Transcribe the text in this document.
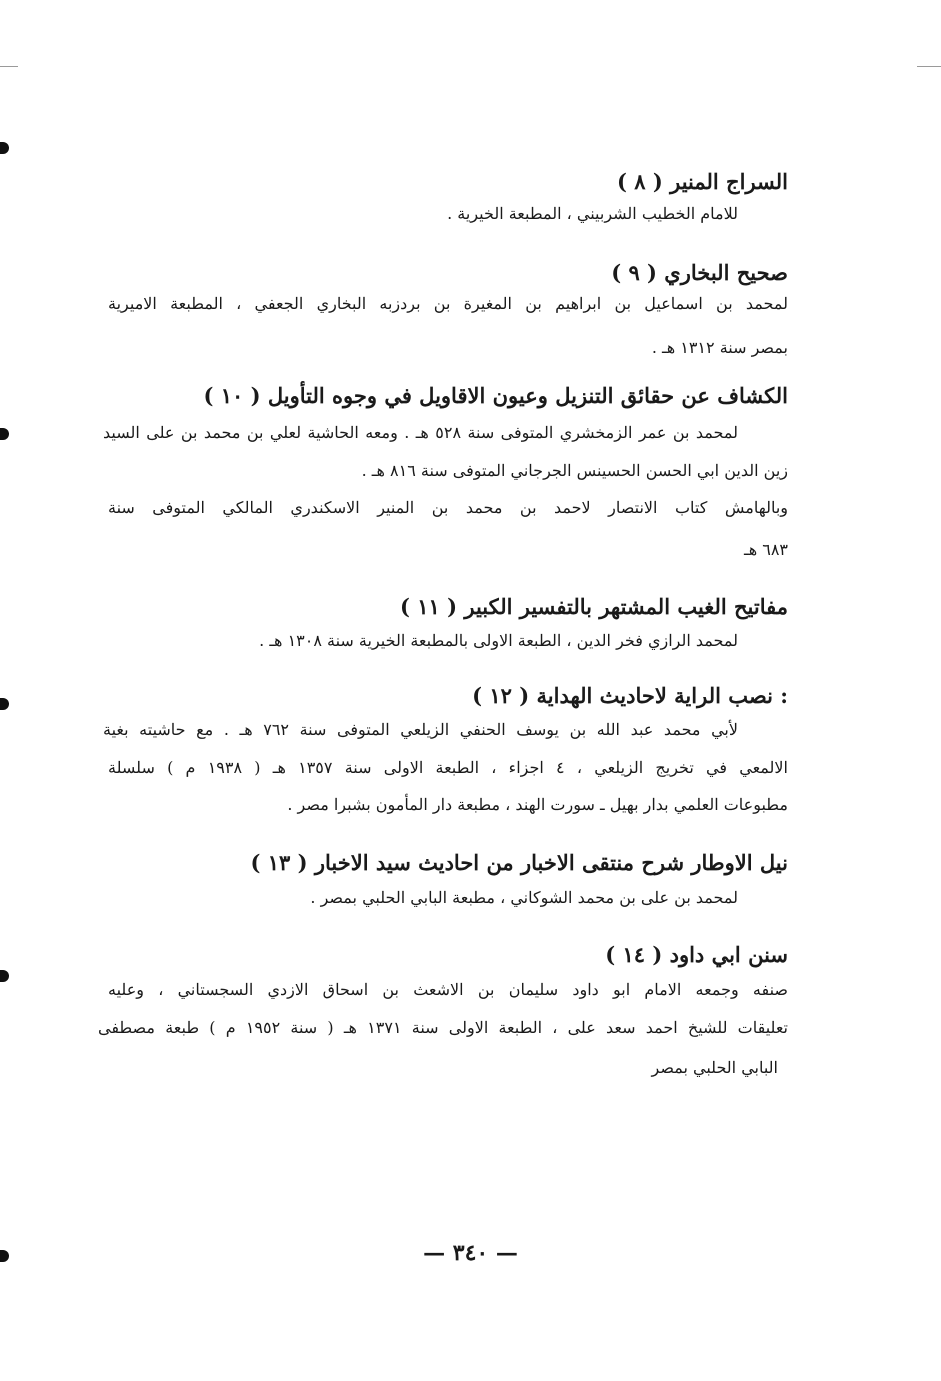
( ٨ ) السراج المنير
للامام الخطيب الشربيني ، المطبعة الخيرية .
( ٩ ) صحيح البخاري
لمحمد بن اسماعيل بن ابراهيم بن المغيرة بن بردزبه البخاري الجعفي ، المطبعة الاميرية
بمصر سنة ١٣١٢ هـ .
( ١٠ ) الكشاف عن حقائق التنزيل وعيون الاقاويل في وجوه التأويل
لمحمد بن عمر الزمخشري المتوفى سنة ٥٢٨ هـ . ومعه الحاشية لعلي بن محمد بن على السيد
زين الدين ابي الحسن الحسينس الجرجاني المتوفى سنة ٨١٦ هـ .
وبالهامش كتاب الانتصار لاحمد بن محمد بن المنير الاسكندري المالكي المتوفى سنة
٦٨٣ هـ
( ١١ ) مفاتيح الغيب المشتهر بالتفسير الكبير
لمحمد الرازي فخر الدين ، الطبعة الاولى بالمطبعة الخيرية سنة ١٣٠٨ هـ .
( ١٢ ) نصب الراية لاحاديث الهداية :
لأبي محمد عبد الله بن يوسف الحنفي الزيلعي المتوفى سنة ٧٦٢ هـ . مع حاشيته بغية
الالمعي في تخريج الزيلعي ، ٤ اجزاء ، الطبعة الاولى سنة ١٣٥٧ هـ ( ١٩٣٨ م ) سلسلة
مطبوعات العلمي بدار بهيل ـ سورت الهند ، مطبعة دار المأمون بشبرا مصر .
( ١٣ ) نيل الاوطار شرح منتقى الاخبار من احاديث سيد الاخبار
لمحمد بن على بن محمد الشوكاني ، مطبعة البابي الحلبي بمصر .
( ١٤ ) سنن ابي داود
صنفه وجمعه الامام ابو داود سليمان بن الاشعث بن اسحاق الازدي السجستاني ، وعليه
تعليقات للشيخ احمد سعد على ، الطبعة الاولى سنة ١٣٧١ هـ ( سنة ١٩٥٢ م ) طبعة مصطفى
البابي الحلبي بمصر
— ٣٤٠ —
